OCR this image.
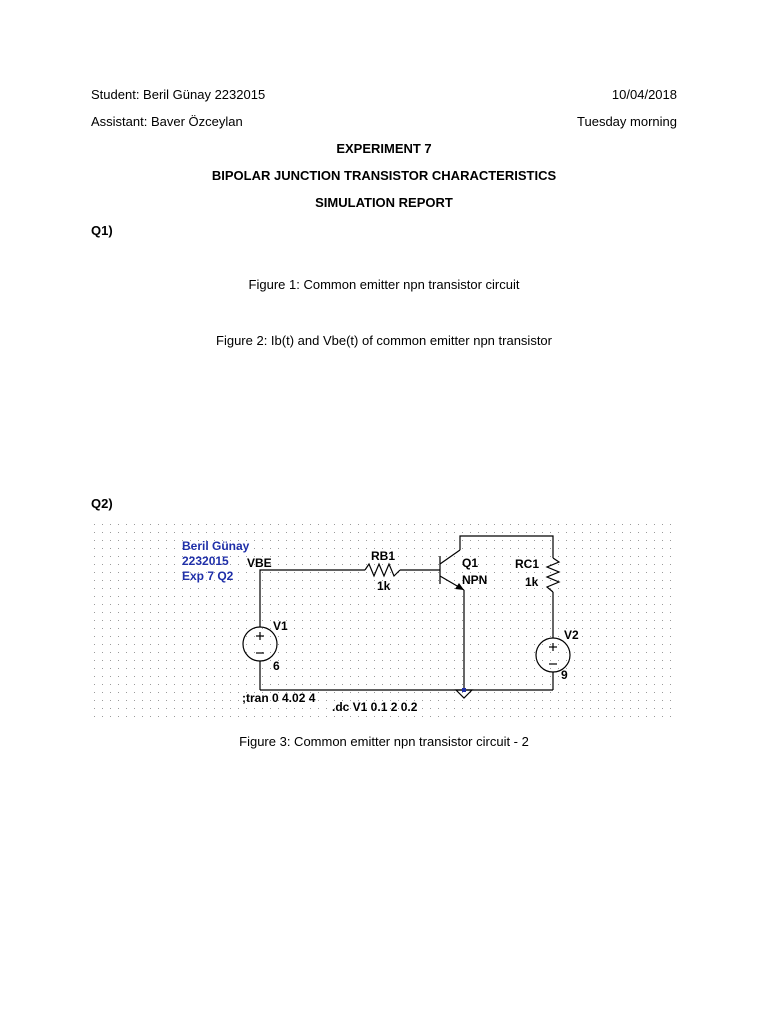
Student: Beril Günay 2232015	10/04/2018
Assistant: Baver Özceylan	Tuesday morning
EXPERIMENT 7
BIPOLAR JUNCTION TRANSISTOR CHARACTERISTICS
SIMULATION REPORT
Q1)
Figure 1: Common emitter npn transistor circuit
Figure 2: Ib(t) and Vbe(t) of common emitter npn transistor
Q2)
Beril Günay
2232015
Exp 7 Q2
VBE	RB1
1k
Q1
NPN
RC1
1k
V1
6
V2
9
;tran 0 4.02 4
.dc V1 0.1 2 0.2
Figure 3: Common emitter npn transistor circuit - 2
